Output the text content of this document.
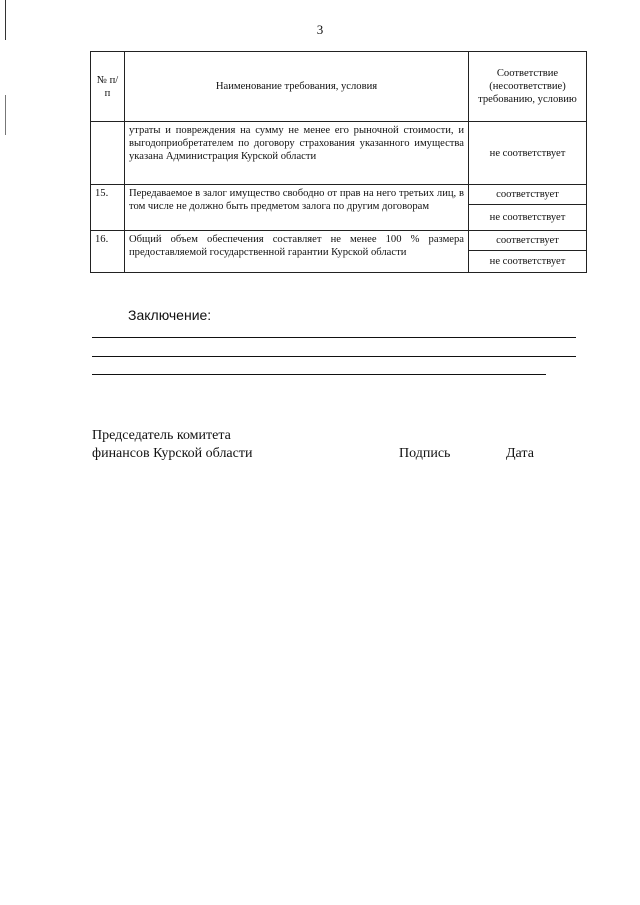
3
№ п/п	Наименование требования, условия	Соответствие (несоответствие) требованию, условию
	утраты и повреждения на сумму не менее его рыночной стоимости, и выгодоприобретателем по договору страхования указанного имущества указана Администрация Курской области	не соответствует
15.	Передаваемое в залог имущество свободно от прав на него третьих лиц, в том числе не должно быть предметом залога по другим договорам	соответствует
		не соответствует
16.	Общий объем обеспечения составляет не менее 100 % размера предоставляемой государственной гарантии Курской области	соответствует
		не соответствует
Заключение:
Председатель комитета
финансов Курской области	Подпись	Дата
